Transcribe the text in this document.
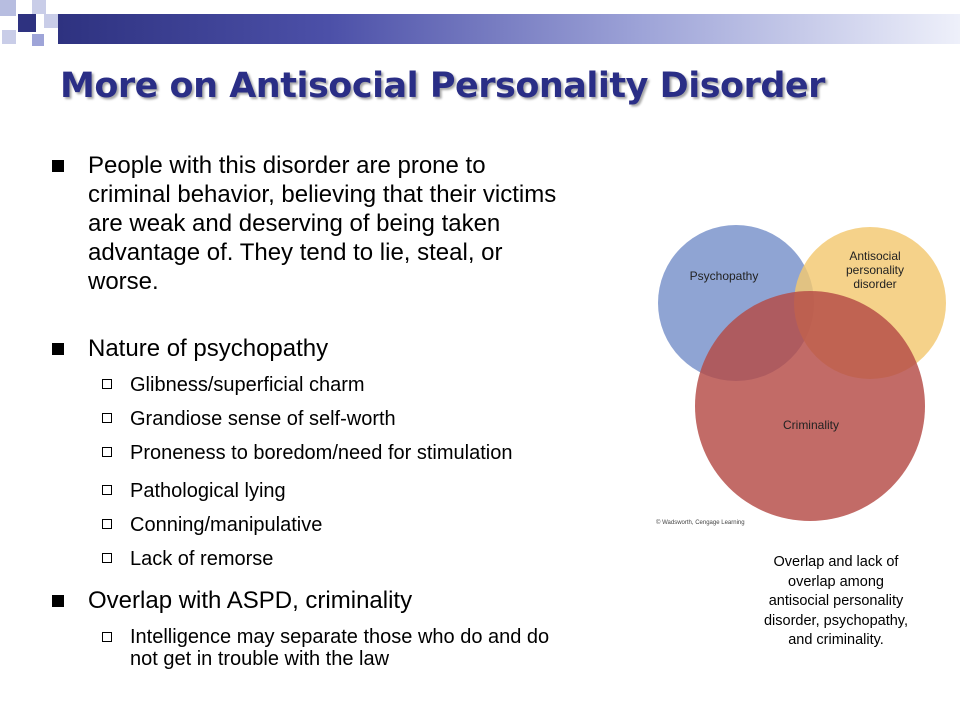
More on Antisocial Personality Disorder
People with this disorder are prone to
criminal behavior, believing that their victims
are weak and deserving of being taken
advantage of. They tend to lie, steal, or
worse.
Nature of psychopathy
Glibness/superficial charm
Grandiose sense of self-worth
Proneness to boredom/need for stimulation
Pathological lying
Conning/manipulative
Lack of remorse
Overlap with ASPD, criminality
Intelligence may separate those who do and do
not get in trouble with the law
Psychopathy
Antisocial
personality
disorder
Criminality
© Wadsworth, Cengage Learning
Overlap and lack of
overlap among
antisocial personality
disorder, psychopathy,
and criminality.
